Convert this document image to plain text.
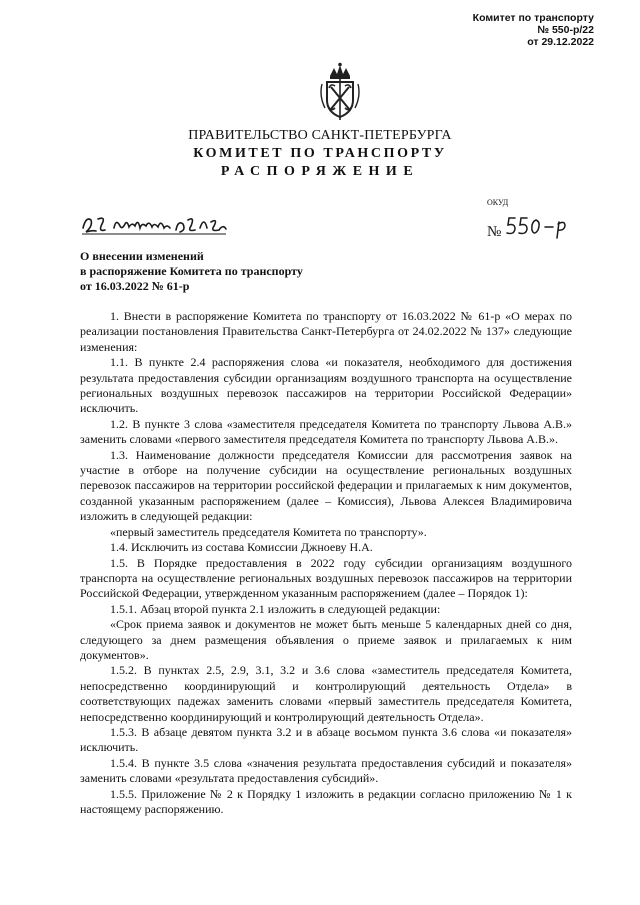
Комитет по транспорту
№ 550-р/22
от 29.12.2022
ПРАВИТЕЛЬСТВО САНКТ-ПЕТЕРБУРГА
КОМИТЕТ ПО ТРАНСПОРТУ
РАСПОРЯЖЕНИЕ
ОКУД
№
О внесении изменений
в распоряжение Комитета по транспорту
от 16.03.2022 № 61-р

1. Внести в распоряжение Комитета по транспорту от 16.03.2022 № 61-р «О мерах по реализации постановления Правительства Санкт-Петербурга от 24.02.2022 № 137» следующие изменения:

1.1. В пункте 2.4 распоряжения слова «и показателя, необходимого для достижения результата предоставления субсидии организациям воздушного транспорта на осуществление региональных воздушных перевозок пассажиров на территории Российской Федерации» исключить.

1.2. В пункте 3 слова «заместителя председателя Комитета по транспорту Львова А.В.» заменить словами «первого заместителя председателя Комитета по транспорту Львова А.В.».

1.3. Наименование должности председателя Комиссии для рассмотрения заявок на участие в отборе на получение субсидии на осуществление региональных воздушных перевозок пассажиров на территории российской федерации и прилагаемых к ним документов, созданной указанным распоряжением (далее – Комиссия), Львова Алексея Владимировича изложить в следующей редакции:

«первый заместитель председателя Комитета по транспорту».

1.4. Исключить из состава Комиссии Джноеву Н.А.

1.5. В Порядке предоставления в 2022 году субсидии организациям воздушного транспорта на осуществление региональных воздушных перевозок пассажиров на территории Российской Федерации, утвержденном указанным распоряжением (далее – Порядок 1):

1.5.1. Абзац второй пункта 2.1 изложить в следующей редакции:

«Срок приема заявок и документов не может быть меньше 5 календарных дней со дня, следующего за днем размещения объявления о приеме заявок и прилагаемых к ним документов».

1.5.2. В пунктах 2.5, 2.9, 3.1, 3.2 и 3.6 слова «заместитель председателя Комитета, непосредственно координирующий и контролирующий деятельность Отдела» в соответствующих падежах заменить словами «первый заместитель председателя Комитета, непосредственно координирующий и контролирующий деятельность Отдела».

1.5.3. В абзаце девятом пункта 3.2 и в абзаце восьмом пункта 3.6 слова «и показателя» исключить.

1.5.4. В пункте 3.5 слова «значения результата предоставления субсидий и показателя» заменить словами «результата предоставления субсидий».

1.5.5. Приложение № 2 к Порядку 1 изложить в редакции согласно приложению № 1 к настоящему распоряжению.
